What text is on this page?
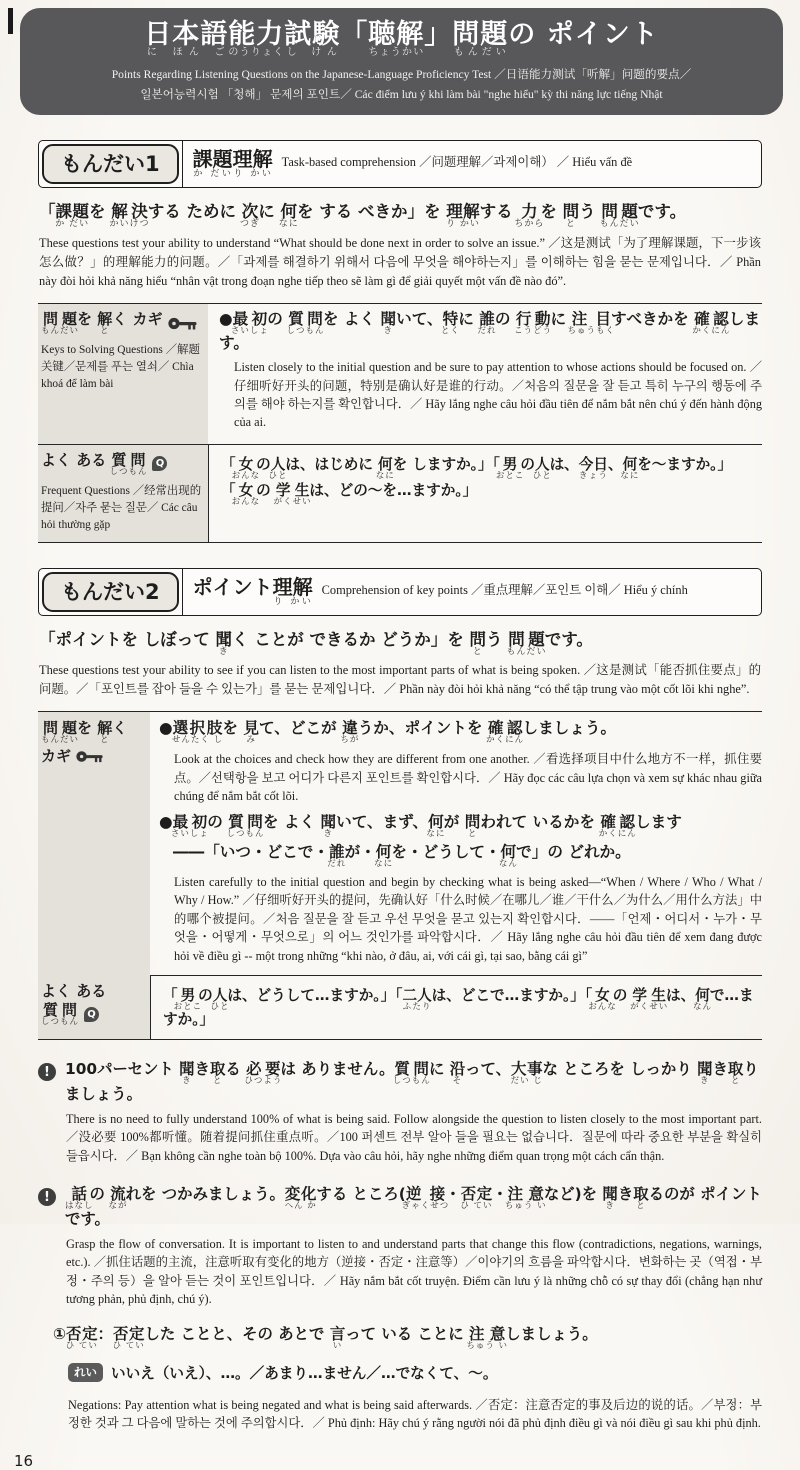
日本語に ほん ご能力のうりょく試験し けん「聴解ちょうかい」問題もんだいの ポイント
Points Regarding Listening Questions on the Japanese-Language Proficiency Test ／日语能力测试「听解」问题的要点／
일본어능력시험 「청해」 문제의 포인트／ Các điểm lưu ý khi làm bài "nghe hiểu" kỳ thi năng lực tiếng Nhật
もんだい1	課題か だい理解り かい
Task-based comprehension ／问题理解／과제이해） ／ Hiểu vấn đề
「課題か だいを 解決かいけつする ために 次つぎに 何なにを する べきか」を 理解り かいする 力ちからを 問とう 問題もんだいです。
These questions test your ability to understand “What should be done next in order to solve an issue.” ／这是测试「为了理解课题，下一步该怎么做？」的理解能力的问题。／「과제를 해결하기 위해서 다음에 무엇을 해야하는지」를 이해하는 힘을 묻는 문제입니다．／ Phần này đòi hỏi khả năng hiểu “nhân vật trong đoạn nghe tiếp theo sẽ làm gì để giải quyết một vấn đề nào đó”.
問題もんだいを 解とく カギ
Keys to Solving Questions ／解题关键／문제를 푸는 열쇠／ Chìa khoá để làm bài
●最初さいしょの 質問しつもんを よく 聞きいて、特とくに 誰だれの 行動こうどうに 注目ちゅうもくすべきかを 確認かくにんします。
Listen closely to the initial question and be sure to pay attention to whose actions should be focused on. ／仔细听好开头的问题，特别是确认好是谁的行动。／처음의 질문을 잘 듣고 특히 누구의 행동에 주의를 해야 하는지를 확인합니다．／ Hãy lắng nghe câu hỏi đầu tiên để nắm bắt nên chú ý đến hành động của ai.
よく ある 質問しつもん
Q
Frequent Questions ／经常出现的提问／자주 묻는 질문／ Các câu hỏi thường gặp
「女おんなの人ひとは、はじめに 何なにを しますか。」「男おとこの人ひとは、今日きょう、何なにを～ますか。」
「女おんなの 学生がくせいは、どの～を…ますか。」
もんだい2	ポイント理解り かい
Comprehension of key points ／重点理解／포인트 이해／ Hiểu ý chính
「ポイントを しぼって 聞きく ことが できるか どうか」を 問とう 問題もんだいです。
These questions test your ability to see if you can listen to the most important parts of what is being spoken. ／这是测试「能否抓住要点」的问题。／「포인트를 잡아 들을 수 있는가」를 묻는 문제입니다．／ Phần này đòi hỏi khả năng “có thể tập trung vào một cốt lõi khi nghe”.
問題もんだいを 解とく
カギ
●選択肢せんたく しを 見みて、どこが 違ちがうか、ポイントを 確認かくにんしましょう。
Look at the choices and check how they are different from one another. ／看选择项目中什么地方不一样，抓住要点。／선택항을 보고 어디가 다른지 포인트를 확인합시다．／ Hãy đọc các câu lựa chọn và xem sự khác nhau giữa chúng để nắm bắt cốt lõi.
●最初さいしょの 質問しつもんを よく 聞きいて、まず、何なにが 問とわれて いるかを 確認かくにんします
――「いつ・どこで・誰だれが・何なにを・どうして・何なんで」の どれか。
Listen carefully to the initial question and begin by checking what is being asked—“When / Where / Who / What / Why / How.” ／仔细听好开头的提问，先确认好「什么时候／在哪儿／谁／干什么／为什么／用什么方法」中的哪个被提问。／처음 질문을 잘 듣고 우선 무엇을 묻고 있는지 확인합시다．――「언제・어디서・누가・무엇을・어떻게・무엇으로」의 어느 것인가를 파악합시다．／ Hãy lắng nghe câu hỏi đầu tiên để xem đang được hỏi về điều gì -- một trong những “khi nào, ở đâu, ai, với cái gì, tại sao, bằng cái gì”
よく ある
質問しつもん
Q
「男おとこの人ひとは、どうして…ますか。」「二人ふたりは、どこで…ますか。」「女おんなの 学生がくせいは、何なんで…ますか。」
! 100パーセント 聞きき取とる 必要ひつようは ありません。質問しつもんに 沿そって、大事だい じな ところを しっかり 聞きき取とりましょう。
There is no need to fully understand 100% of what is being said. Follow alongside the question to listen closely to the most important part. ／没必要 100%都听懂。随着提问抓住重点听。／100 퍼센트 전부 알아 들을 필요는 없습니다．질문에 따라 중요한 부분을 확실히 들읍시다．／ Bạn không cần nghe toàn bộ 100%. Dựa vào câu hỏi, hãy nghe những điểm quan trọng một cách cẩn thận.
! 話はなしの 流ながれを つかみましょう。変化へん かする ところ(逆接ぎゃくせつ・否定ひ てい・注意ちゅう いなど)を 聞きき取とるのが ポイントです。
Grasp the flow of conversation. It is important to listen to and understand parts that change this flow (contradictions, negations, warnings, etc.). ／抓住话题的主流，注意听取有变化的地方（逆接・否定・注意等）／이야기의 흐름을 파악합시다．변화하는 곳（역접・부정・주의 등）을 알아 듣는 것이 포인트입니다．／ Hãy nắm bắt cốt truyện. Điểm cần lưu ý là những chỗ có sự thay đổi (chẳng hạn như tương phản, phủ định, chú ý).
①否定ひ てい：否定ひ ていした ことと、その あとで 言いって いる ことに 注意ちゅう いしましょう。
れい いいえ（いえ）、…。／あまり…ません／…でなくて、～。
Negations: Pay attention what is being negated and what is being said afterwards. ／否定：注意否定的事及后边的说的话。／부정：부정한 것과 그 다음에 말하는 것에 주의합시다．／ Phủ định: Hãy chú ý rằng người nói đã phủ định điều gì và nói điều gì sau khi phủ định.
16
